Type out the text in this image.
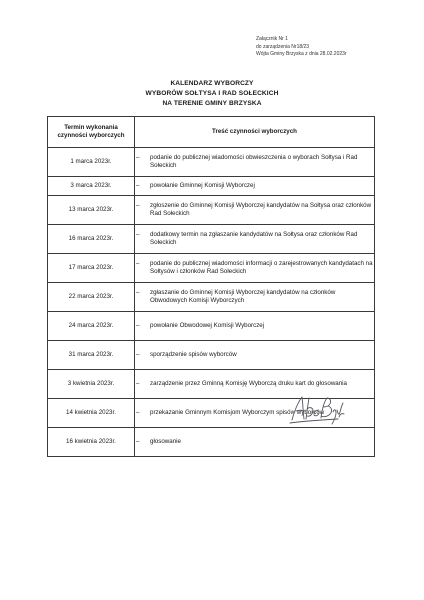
Załącznik Nr 1
do zarządzenia Nr18/23
Wójta Gminy Brzyska z dnia 28.02.2023r
KALENDARZ WYBORCZY
WYBORÓW SOŁTYSA I RAD SOŁECKICH
NA TERENIE GMINY BRZYSKA
Termin wykonania
czynności wyborczych	Treść czynności wyborczych
1 marca 2023r.	– podanie do publicznej wiadomości obwieszczenia o wyborach Sołtysa i Rad Sołeckich

3 marca 2023r.	– powołanie Gminnej Komisji Wyborczej

13 marca 2023r.	– zgłoszenie do Gminnej Komisji Wyborczej kandydatów na Sołtysa oraz członków Rad Sołeckich

16 marca 2023r.	– dodatkowy termin na zgłaszanie kandydatów na Sołtysa oraz członków Rad Sołeckich

17 marca 2023r.	– podanie do publicznej wiadomości informacji o zarejestrowanych kandydatach na Sołtysów i członków Rad Sołeckich

22 marca 2023r.	– zgłaszanie do Gminnej Komisji Wyborczej kandydatów na członków Obwodowych Komisji Wyborczych

24 marca 2023r.	– powołanie Obwodowej Komisji Wyborczej

31 marca 2023r.	– sporządzenie spisów wyborców

3 kwietnia 2023r.	– zarządzenie przez Gminną Komisję Wyborczą druku kart do głosowania

14 kwietnia 2023r.	– przekazanie Gminnym Komisjom Wyborczym spisów wyborców

16 kwietnia 2023r.	– głosowanie
